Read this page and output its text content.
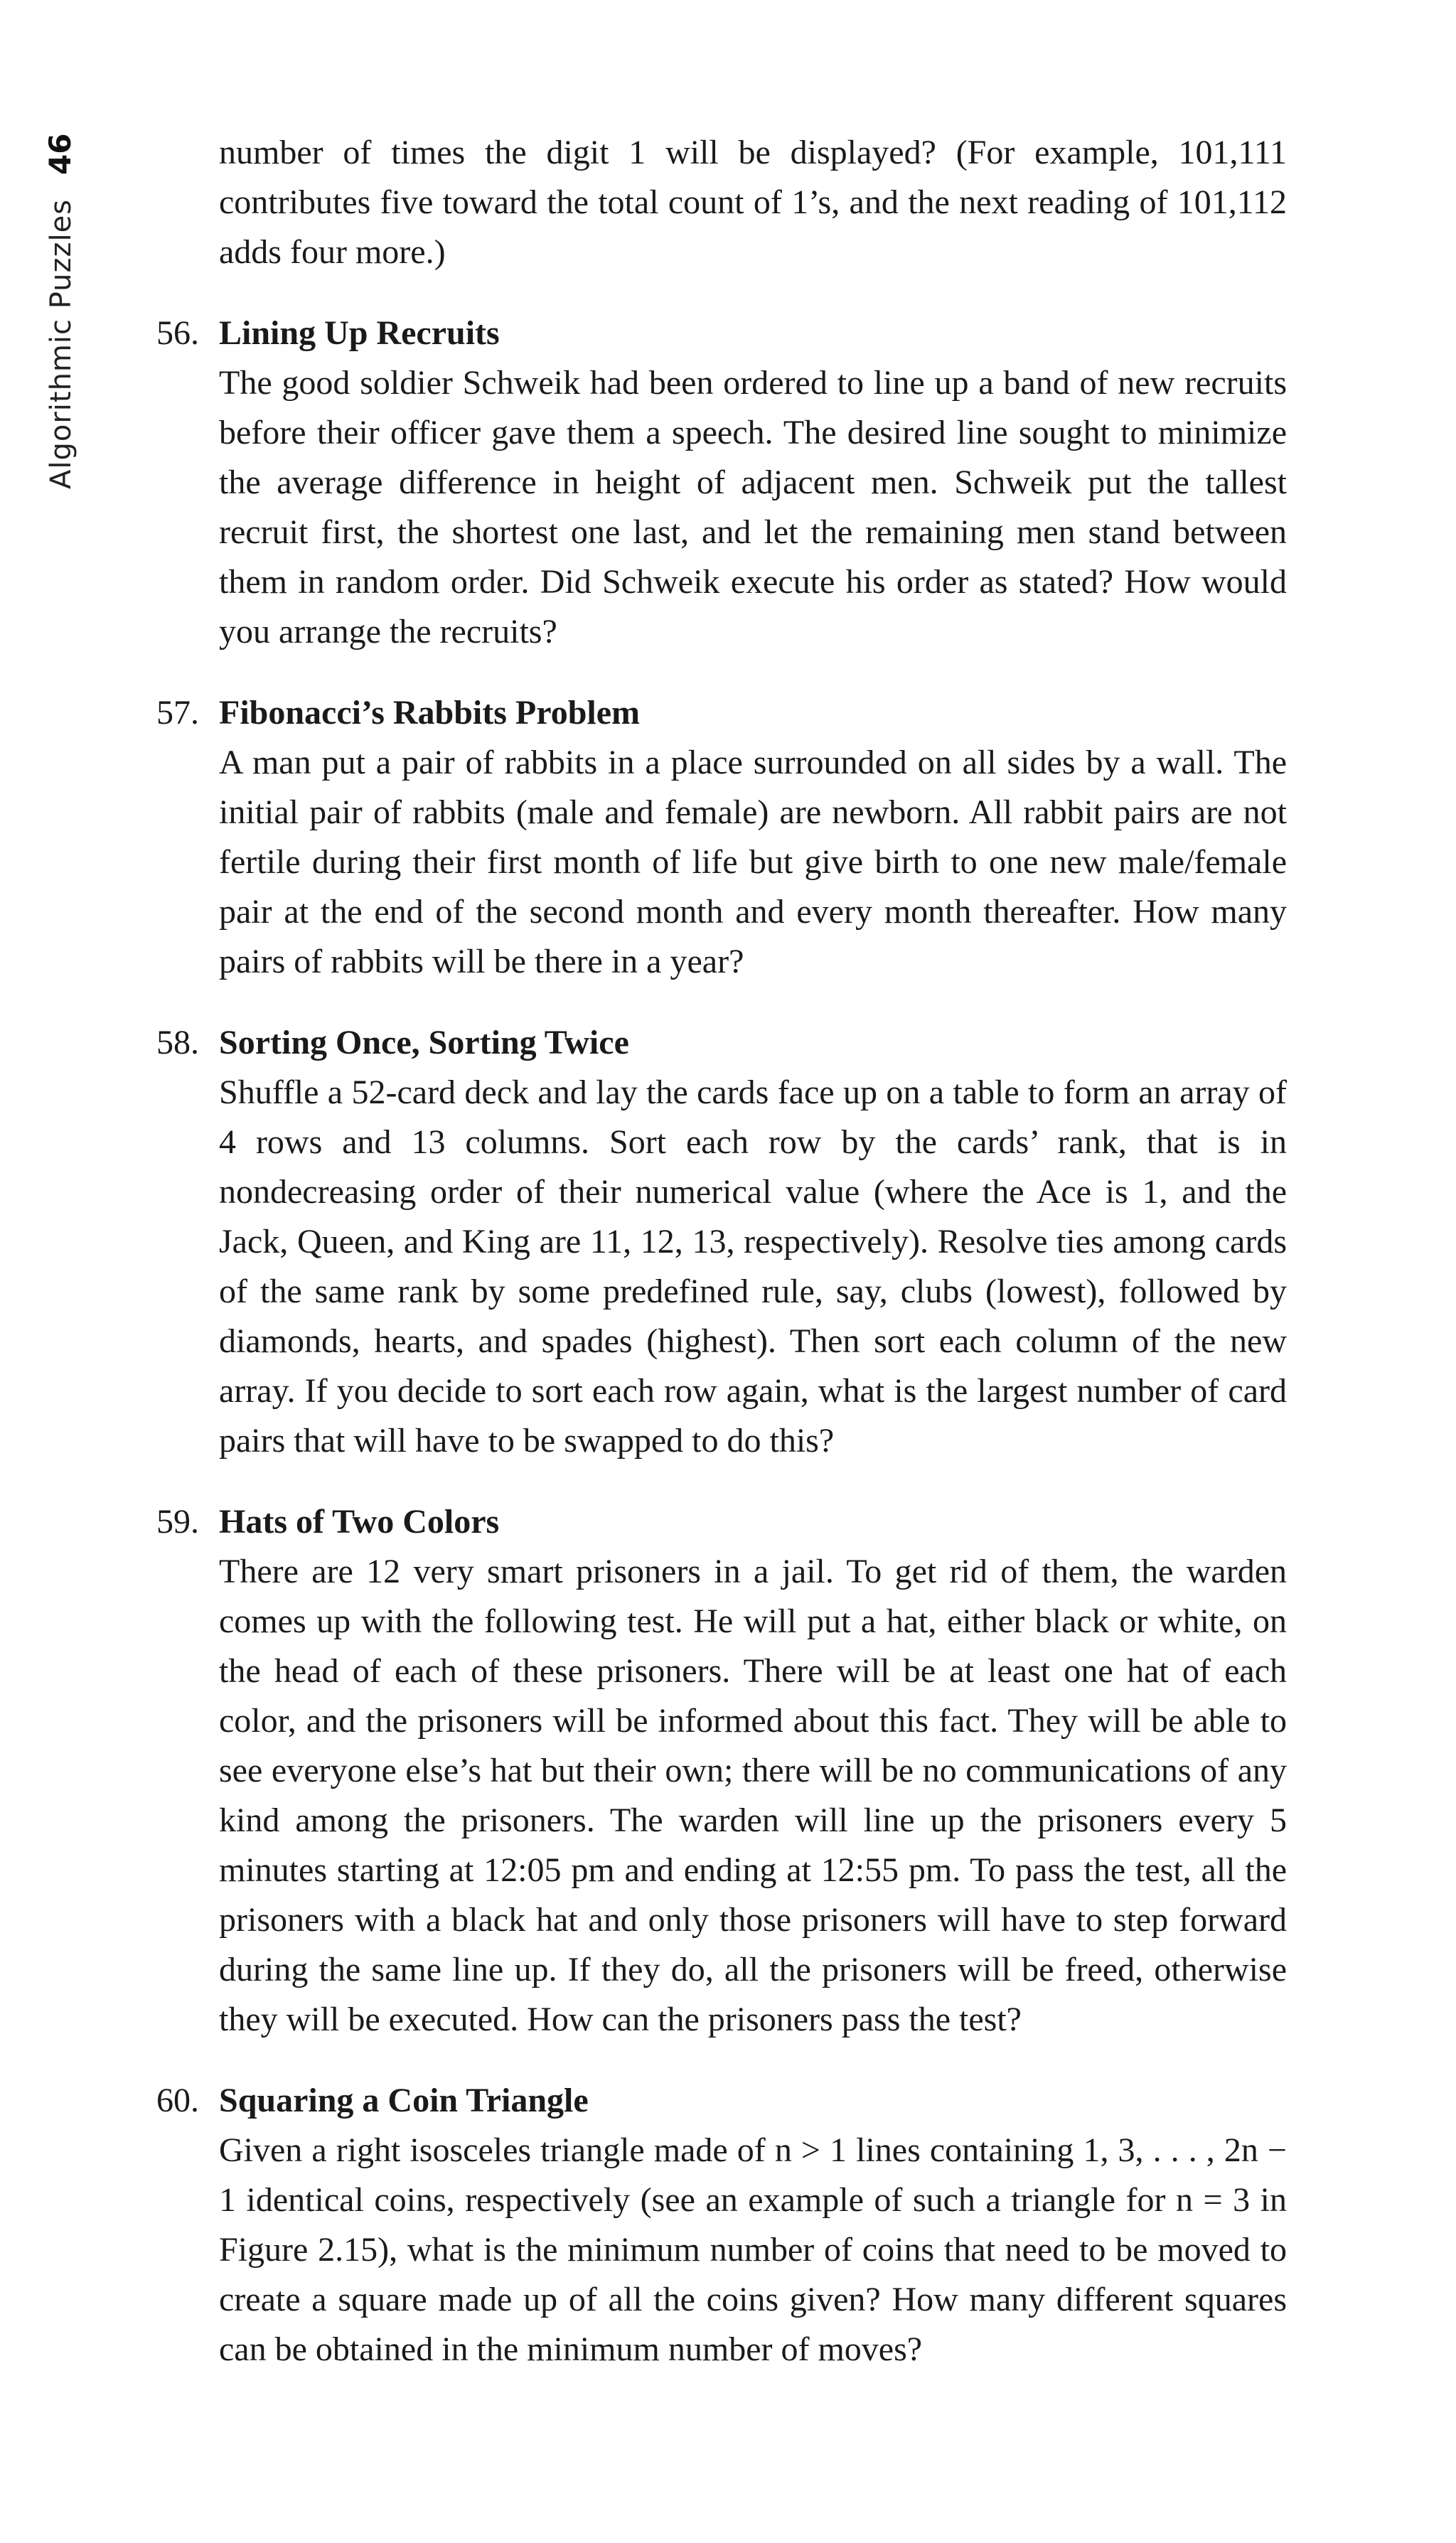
Algorithmic Puzzles
46	number of times the digit 1 will be displayed? (For example, 101,111 contributes five toward the total count of 1’s, and the next reading of 101,112 adds four more.)

56. Lining Up Recruits

The good soldier Schweik had been ordered to line up a band of new recruits before their officer gave them a speech. The desired line sought to minimize the average difference in height of adjacent men. Schweik put the tallest recruit first, the shortest one last, and let the remaining men stand between them in random order. Did Schweik execute his order as stated? How would you arrange the recruits?

57. Fibonacci’s Rabbits Problem

A man put a pair of rabbits in a place surrounded on all sides by a wall. The initial pair of rabbits (male and female) are newborn. All rabbit pairs are not fertile during their first month of life but give birth to one new male/female pair at the end of the second month and every month thereafter. How many pairs of rabbits will be there in a year?

58. Sorting Once, Sorting Twice

Shuffle a 52-card deck and lay the cards face up on a table to form an array of 4 rows and 13 columns. Sort each row by the cards’ rank, that is in nondecreasing order of their numerical value (where the Ace is 1, and the Jack, Queen, and King are 11, 12, 13, respectively). Resolve ties among cards of the same rank by some predefined rule, say, clubs (lowest), followed by diamonds, hearts, and spades (highest). Then sort each column of the new array. If you decide to sort each row again, what is the largest number of card pairs that will have to be swapped to do this?

59. Hats of Two Colors

There are 12 very smart prisoners in a jail. To get rid of them, the warden comes up with the following test. He will put a hat, either black or white, on the head of each of these prisoners. There will be at least one hat of each color, and the prisoners will be informed about this fact. They will be able to see everyone else’s hat but their own; there will be no communications of any kind among the prisoners. The warden will line up the prisoners every 5 minutes starting at 12:05 pm and ending at 12:55 pm. To pass the test, all the prisoners with a black hat and only those prisoners will have to step forward during the same line up. If they do, all the prisoners will be freed, otherwise they will be executed. How can the prisoners pass the test?

60. Squaring a Coin Triangle

Given a right isosceles triangle made of n > 1 lines containing 1, 3, . . . , 2n − 1 identical coins, respectively (see an example of such a triangle for n = 3 in Figure 2.15), what is the minimum number of coins that need to be moved to create a square made up of all the coins given? How many different squares can be obtained in the minimum number of moves?
